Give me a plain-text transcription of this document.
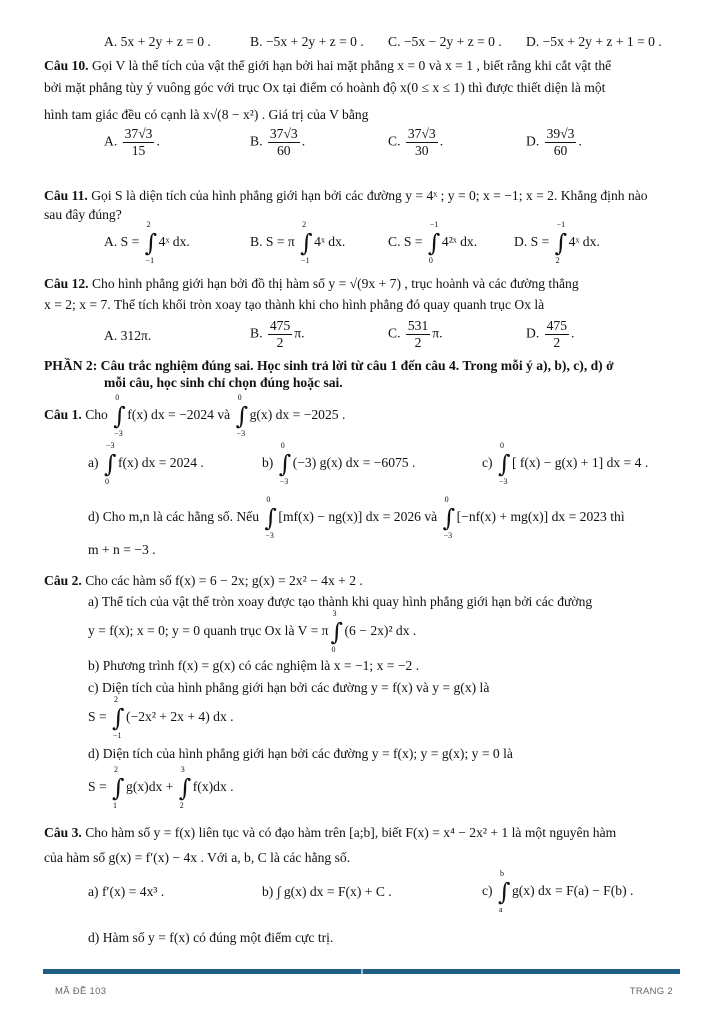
A. 5x + 2y + z = 0 .	B. −5x + 2y + z = 0 . C. −5x − 2y + z = 0 . D. −5x + 2y + z + 1 = 0 .
Câu 10. Gọi V là thể tích của vật thể giới hạn bởi hai mặt phẳng x = 0 và x = 1 , biết rằng khi cắt vật thể
bởi mặt phẳng tùy ý vuông góc với trục Ox tại điểm có hoành độ x(0 ≤ x ≤ 1) thì được thiết diện là một
hình tam giác đều có cạnh là x√(8 − x²) . Giá trị của V bằng
A. $\frac{37√3}{15}$ .	B. $\frac{37√3}{60}$ .	C. $\frac{37√3}{30}$ .	D. $\frac{39√3}{60}$ .
Câu 11. Gọi S là diện tích của hình phẳng giới hạn bởi các đường y = 4ˣ ; y = 0; x = −1; x = 2. Khẳng định nào
sau đây đúng?
A. S =
2
∫
−1
4ˣ dx.	B. S = π
2
∫
−1
4ˣ dx.	C. S =
−1
∫
0
4²ˣ dx.	D. S =
−1
∫
2
4ˣ dx.
Câu 12. Cho hình phẳng giới hạn bởi đồ thị hàm số y = √(9x + 7) , trục hoành và các đường thẳng
x = 2; x = 7. Thể tích khối tròn xoay tạo thành khi cho hình phẳng đó quay quanh trục Ox là
A. 312π.	B. $\frac{475}{2} \pi$.	C. $\frac{531}{2} \pi$.	D. $\frac{475}{2}$ .
PHẦN 2: Câu trắc nghiệm đúng sai. Học sinh trả lời từ câu 1 đến câu 4. Trong mỗi ý a), b), c), d) ở
mỗi câu, học sinh chỉ chọn đúng hoặc sai.
Câu 1. Cho
0
∫
−3
f(x) dx = −2024 và
0
∫
−3
g(x) dx = −2025 .
a)
−3
∫
0
f(x) dx = 2024 .	b)
0
∫
−3
(−3) g(x) dx = −6075 .	c)
0
∫
−3
[ f(x) − g(x) + 1] dx = 4 .
d) Cho m,n là các hằng số. Nếu
0
∫
−3
[mf(x) − ng(x)] dx = 2026 và
0
∫
−3
[−nf(x) + mg(x)] dx = 2023 thì
m + n = −3 .
Câu 2. Cho các hàm số f(x) = 6 − 2x; g(x) = 2x² − 4x + 2 .
a) Thể tích của vật thể tròn xoay được tạo thành khi quay hình phẳng giới hạn bởi các đường
y = f(x); x = 0; y = 0 quanh trục Ox là V = π
3
∫
0
(6 − 2x)² dx .
b) Phương trình f(x) = g(x) có các nghiệm là x = −1; x = −2 .
c) Diện tích của hình phẳng giới hạn bởi các đường y = f(x) và y = g(x) là
S =
2
∫
−1
(−2x² + 2x + 4) dx .
d) Diện tích của hình phẳng giới hạn bởi các đường y = f(x); y = g(x); y = 0 là
S =
2
∫
1
g(x)dx +
3
∫
2
f(x)dx .
Câu 3. Cho hàm số y = f(x) liên tục và có đạo hàm trên [a;b], biết F(x) = x⁴ − 2x² + 1 là một nguyên hàm
của hàm số g(x) = f′(x) − 4x . Với a, b, C là các hằng số.
a) f′(x) = 4x³ .	b) ∫ g(x) dx = F(x) + C .	c)
b
∫
a
g(x) dx = F(a) − F(b) .
d) Hàm số y = f(x) có đúng một điểm cực trị.
MÃ ĐỀ 103	TRANG 2
